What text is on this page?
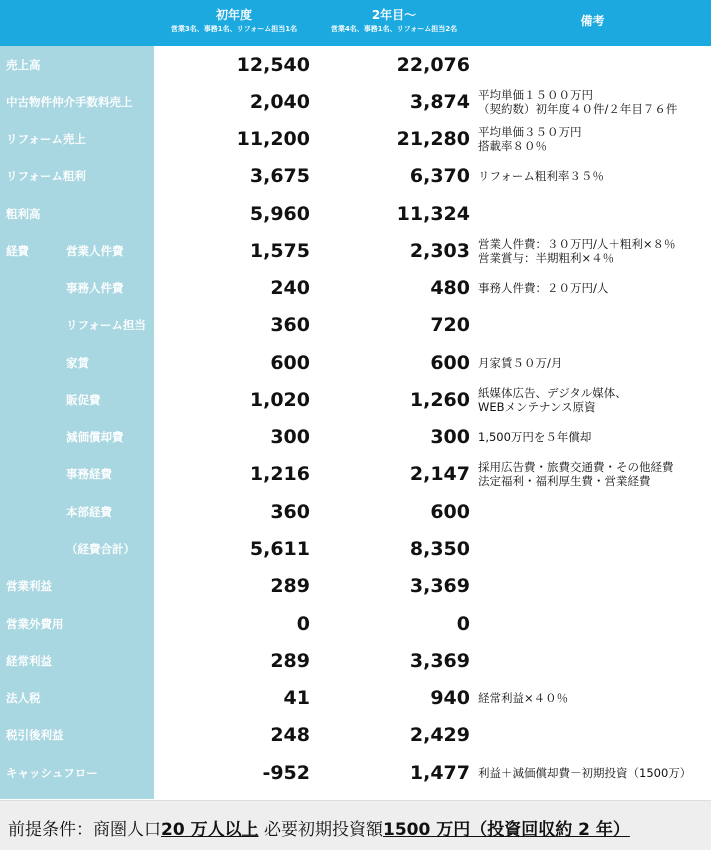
初年度
営業3名、事務1名、リフォーム担当1名
2年目～
営業4名、事務1名、リフォーム担当2名
備考
売上高	12,540	22,076
中古物件仲介手数料売上	2,040	3,874 平均単価１５００万円
（契約数）初年度４０件/２年目７６件
リフォーム売上	11,200	21,280 平均単価３５０万円
搭載率８０％
リフォーム粗利	3,675	6,370 リフォーム粗利率３５％
粗利高	5,960	11,324
経費	営業人件費	1,575	2,303 営業人件費：３０万円/人＋粗利×８％
営業賞与：半期粗利×４％
事務人件費	240	480 事務人件費：２０万円/人
リフォーム担当	360	720
家賃	600	600 月家賃５０万/月
販促費	1,020	1,260 紙媒体広告、デジタル媒体、
WEBメンテナンス原資
減価償却費	300	300 1,500万円を５年償却
事務経費	1,216	2,147 採用広告費・旅費交通費・その他経費
法定福利・福利厚生費・営業経費
本部経費	360	600
（経費合計）	5,611	8,350
営業利益	289	3,369
営業外費用	0	0
経常利益	289	3,369
法人税	41	940 経常利益×４０％
税引後利益	248	2,429
キャッシュフロー	-952	1,477 利益＋減価償却費－初期投資（1500万）
前提条件：商圏人口20 万人以上 必要初期投資額1500 万円（投資回収約 2 年）
